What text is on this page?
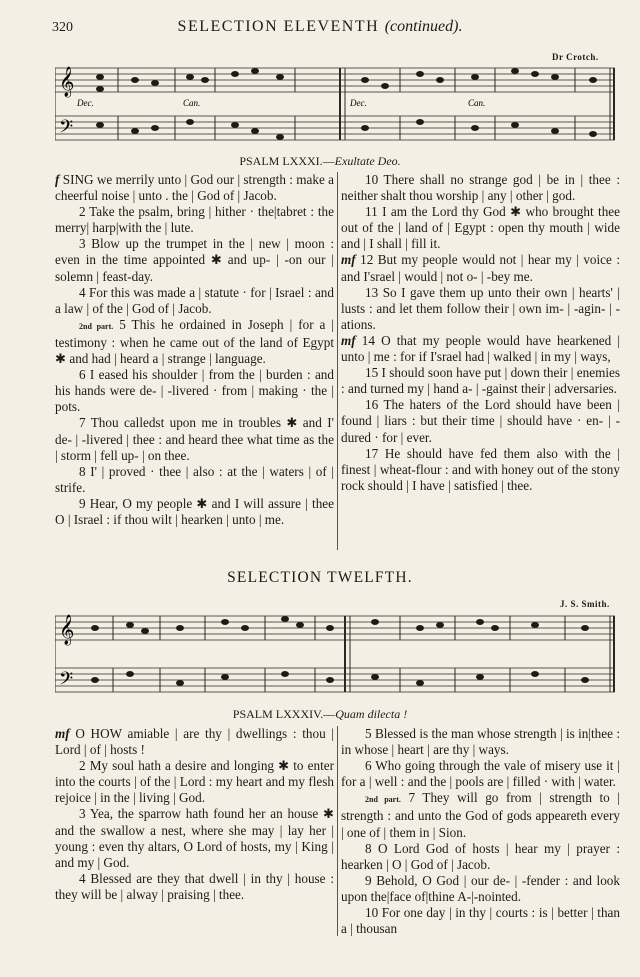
320	SELECTION ELEVENTH (continued).
Dr Crotch.
𝄞
𝄢
Dec.	Can.	Dec.	Can.
PSALM LXXXI.—Exultate Deo.

f SING we merrily unto | God our | strength : make a cheerful noise | unto . the | God of | Jacob.

2 Take the psalm, bring | hither · the|tabret : the merry| harp|with the | lute.

3 Blow up the trumpet in the | new | moon : even in the time appointed ✱ and up- | -on our | solemn | feast-day.

4 For this was made a | statute · for | Israel : and a law | of the | God of | Jacob.

2nd part. 5 This he ordained in Joseph | for a | testimony : when he came out of the land of Egypt ✱ and had | heard a | strange | language.

6 I eased his shoulder | from the | burden : and his hands were de- | -livered · from | making · the | pots.

7 Thou calledst upon me in troubles ✱ and I' de- | -livered | thee : and heard thee what time as the | storm | fell up- | on thee.

8 I' | proved · thee | also : at the | waters | of | strife.

9 Hear, O my people ✱ and I will assure | thee O | Israel : if thou wilt | hearken | unto | me.

10 There shall no strange god | be in | thee : neither shalt thou worship | any | other | god.

11 I am the Lord thy God ✱ who brought thee out of the | land of | Egypt : open thy mouth | wide and | I shall | fill it.

mf 12 But my people would not | hear my | voice : and I'srael | would | not o- | -bey me.

13 So I gave them up unto their own | hearts' | lusts : and let them follow their | own im- | -agin- | -ations.

mf 14 O that my people would have hearkened | unto | me : for if I'srael had | walked | in my | ways,

15 I should soon have put | down their | enemies : and turned my | hand a- | -gainst their | adversaries.

16 The haters of the Lord should have been | found | liars : but their time | should have · en- | -dured · for | ever.

17 He should have fed them also with the | finest | wheat-flour : and with honey out of the stony rock should | I have | satisfied | thee.

SELECTION TWELFTH.
J. S. Smith.
𝄞
𝄢
PSALM LXXXIV.—Quam dilecta !

mf O HOW amiable | are thy | dwellings : thou | Lord | of | hosts !

2 My soul hath a desire and longing ✱ to enter into the courts | of the | Lord : my heart and my flesh rejoice | in the | living | God.

3 Yea, the sparrow hath found her an house ✱ and the swallow a nest, where she may | lay her | young : even thy altars, O Lord of hosts, my | King | and my | God.

4 Blessed are they that dwell | in thy | house : they will be | alway | praising | thee.

5 Blessed is the man whose strength | is in|thee : in whose | heart | are thy | ways.

6 Who going through the vale of misery use it | for a | well : and the | pools are | filled · with | water.

2nd part. 7 They will go from | strength to | strength : and unto the God of gods appeareth every | one of | them in | Sion.

8 O Lord God of hosts | hear my | prayer : hearken | O | God of | Jacob.

9 Behold, O God | our de- | -fender : and look upon the|face of|thine A-|-nointed.

10 For one day | in thy | courts : is | better | than a | thousan
